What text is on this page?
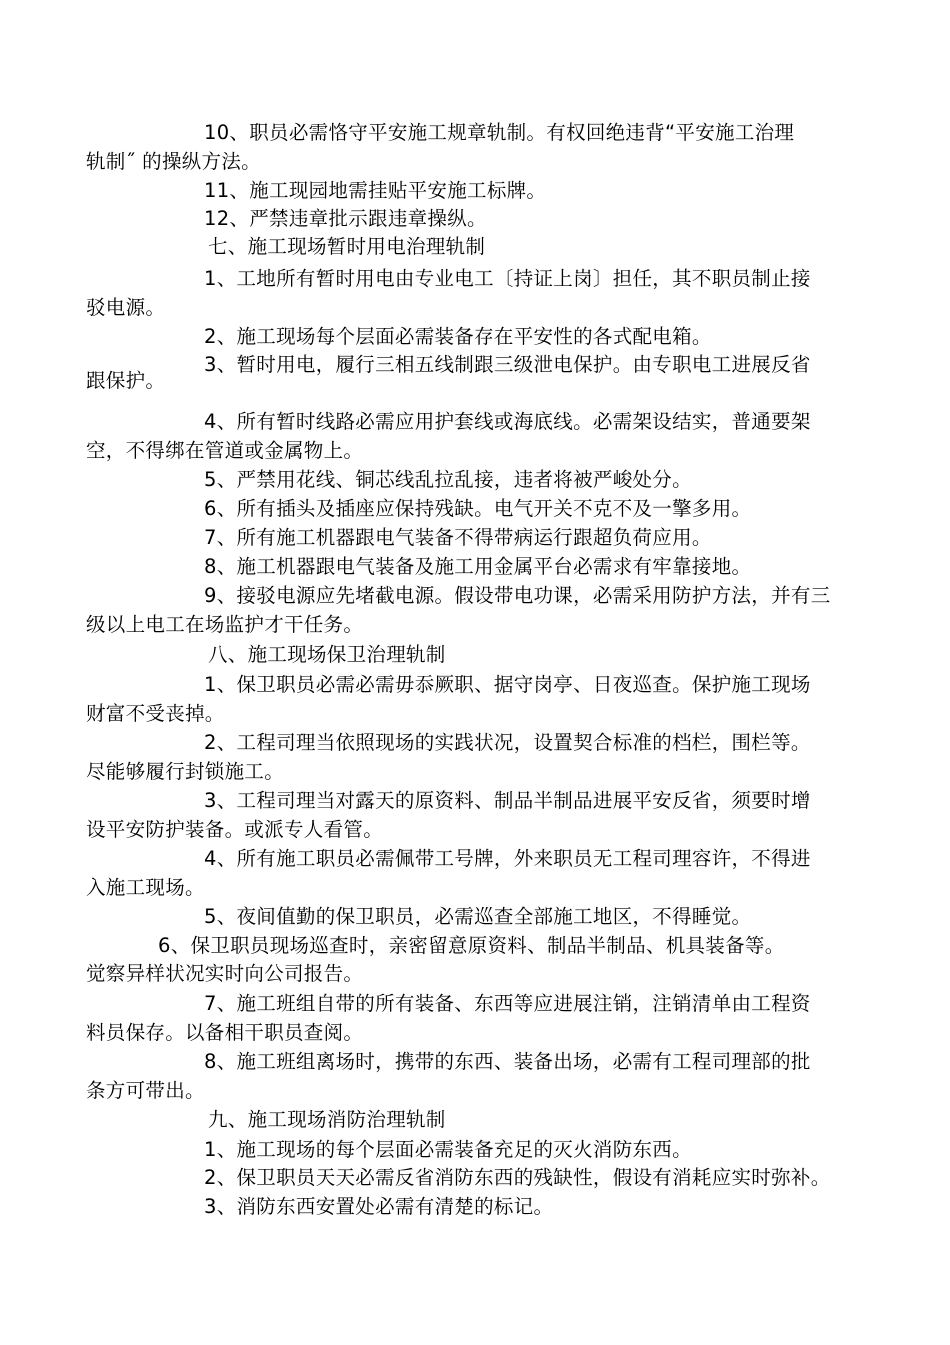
10、职员必需恪守平安施工规章轨制。有权回绝违背“平安施工治理
轨制˝ 的操纵方法。
11、施工现园地需挂贴平安施工标牌。
12、严禁违章批示跟违章操纵。
七、施工现场暂时用电治理轨制
1、工地所有暂时用电由专业电工〔持证上岗〕担任，其不职员制止接
驳电源。
2、施工现场每个层面必需装备存在平安性的各式配电箱。
3、暂时用电，履行三相五线制跟三级泄电保护。由专职电工进展反省
跟保护。
4、所有暂时线路必需应用护套线或海底线。必需架设结实，普通要架
空，不得绑在管道或金属物上。
5、严禁用花线、铜芯线乱拉乱接，违者将被严峻处分。
6、所有插头及插座应保持残缺。电气开关不克不及一擎多用。
7、所有施工机器跟电气装备不得带病运行跟超负荷应用。
8、施工机器跟电气装备及施工用金属平台必需求有牢靠接地。
9、接驳电源应先堵截电源。假设带电功课，必需采用防护方法，并有三
级以上电工在场监护才干任务。
八、施工现场保卫治理轨制
1、保卫职员必需必需毋忝厥职、据守岗亭、日夜巡查。保护施工现场
财富不受丧掉。
2、工程司理当依照现场的实践状况，设置契合标准的档栏，围栏等。
尽能够履行封锁施工。
3、工程司理当对露天的原资料、制品半制品进展平安反省，须要时增
设平安防护装备。或派专人看管。
4、所有施工职员必需佩带工号牌，外来职员无工程司理容许，不得进
入施工现场。
5、夜间值勤的保卫职员，必需巡查全部施工地区，不得睡觉。
6、保卫职员现场巡查时，亲密留意原资料、制品半制品、机具装备等。
觉察异样状况实时向公司报告。
7、施工班组自带的所有装备、东西等应进展注销，注销清单由工程资
料员保存。以备相干职员查阅。
8、施工班组离场时，携带的东西、装备出场，必需有工程司理部的批
条方可带出。
九、施工现场消防治理轨制
1、施工现场的每个层面必需装备充足的灭火消防东西。
2、保卫职员天天必需反省消防东西的残缺性，假设有消耗应实时弥补。
3、消防东西安置处必需有清楚的标记。
